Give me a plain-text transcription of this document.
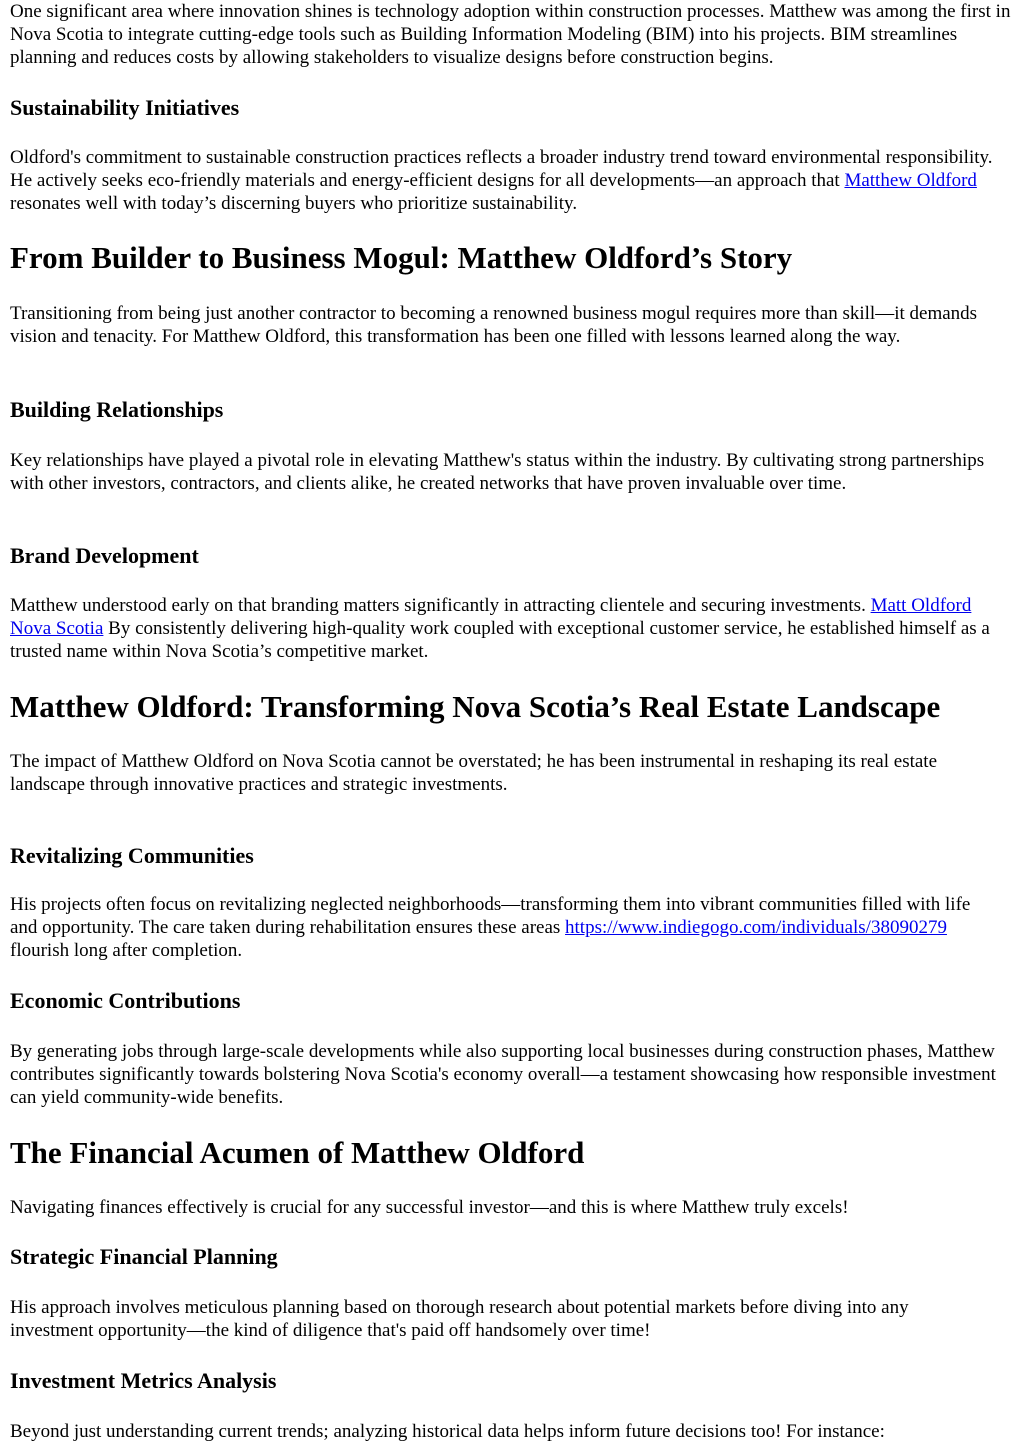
One significant area where innovation shines is technology adoption within construction processes. Matthew was among the first in Nova Scotia to integrate cutting-edge tools such as Building Information Modeling (BIM) into his projects. BIM streamlines planning and reduces costs by allowing stakeholders to visualize designs before construction begins.

Sustainability Initiatives

Oldford's commitment to sustainable construction practices reflects a broader industry trend toward environmental responsibility. He actively seeks eco-friendly materials and energy-efficient designs for all developments—an approach that Matthew Oldford resonates well with today’s discerning buyers who prioritize sustainability.

From Builder to Business Mogul: Matthew Oldford’s Story

Transitioning from being just another contractor to becoming a renowned business mogul requires more than skill—it demands vision and tenacity. For Matthew Oldford, this transformation has been one filled with lessons learned along the way.

Building Relationships

Key relationships have played a pivotal role in elevating Matthew's status within the industry. By cultivating strong partnerships with other investors, contractors, and clients alike, he created networks that have proven invaluable over time.

Brand Development

Matthew understood early on that branding matters significantly in attracting clientele and securing investments. Matt Oldford Nova Scotia By consistently delivering high-quality work coupled with exceptional customer service, he established himself as a trusted name within Nova Scotia’s competitive market.

Matthew Oldford: Transforming Nova Scotia’s Real Estate Landscape

The impact of Matthew Oldford on Nova Scotia cannot be overstated; he has been instrumental in reshaping its real estate landscape through innovative practices and strategic investments.

Revitalizing Communities

His projects often focus on revitalizing neglected neighborhoods—transforming them into vibrant communities filled with life and opportunity. The care taken during rehabilitation ensures these areas https://www.indiegogo.com/individuals/38090279 flourish long after completion.

Economic Contributions

By generating jobs through large-scale developments while also supporting local businesses during construction phases, Matthew contributes significantly towards bolstering Nova Scotia's economy overall—a testament showcasing how responsible investment can yield community-wide benefits.

The Financial Acumen of Matthew Oldford

Navigating finances effectively is crucial for any successful investor—and this is where Matthew truly excels!

Strategic Financial Planning

His approach involves meticulous planning based on thorough research about potential markets before diving into any investment opportunity—the kind of diligence that's paid off handsomely over time!

Investment Metrics Analysis

Beyond just understanding current trends; analyzing historical data helps inform future decisions too! For instance:
